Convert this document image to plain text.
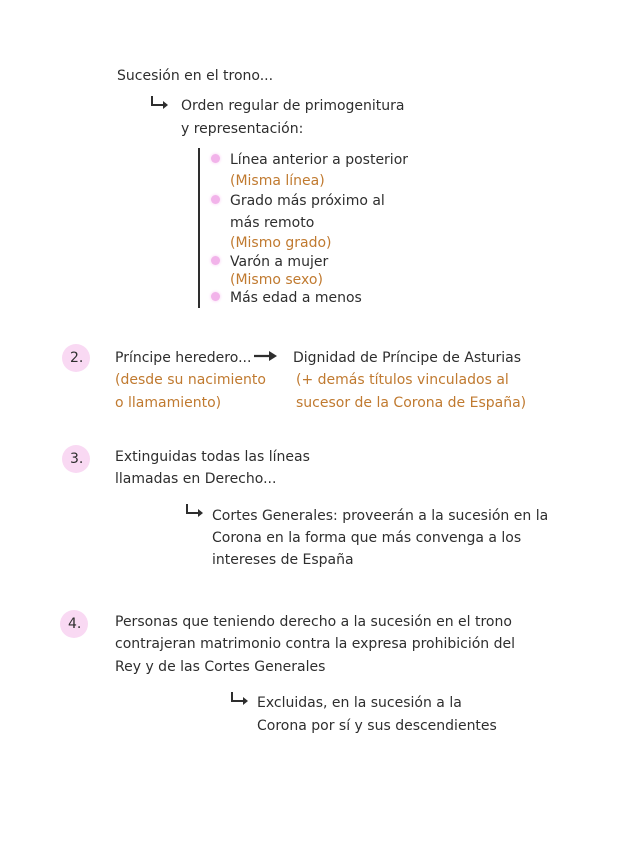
Sucesión en el trono...
Orden regular de primogenitura
y representación:
Línea anterior a posterior
(Misma línea)
Grado más próximo al
más remoto
(Mismo grado)
Varón a mujer
(Mismo sexo)
Más edad a menos
2.	Príncipe heredero...
(desde su nacimiento
o llamamiento)
Dignidad de Príncipe de Asturias
(+ demás títulos vinculados al
sucesor de la Corona de España)
3.	Extinguidas todas las líneas
llamadas en Derecho...
Cortes Generales: proveerán a la sucesión en la
Corona en la forma que más convenga a los
intereses de España
4.	Personas que teniendo derecho a la sucesión en el trono
contrajeran matrimonio contra la expresa prohibición del
Rey y de las Cortes Generales
Excluidas, en la sucesión a la
Corona por sí y sus descendientes
